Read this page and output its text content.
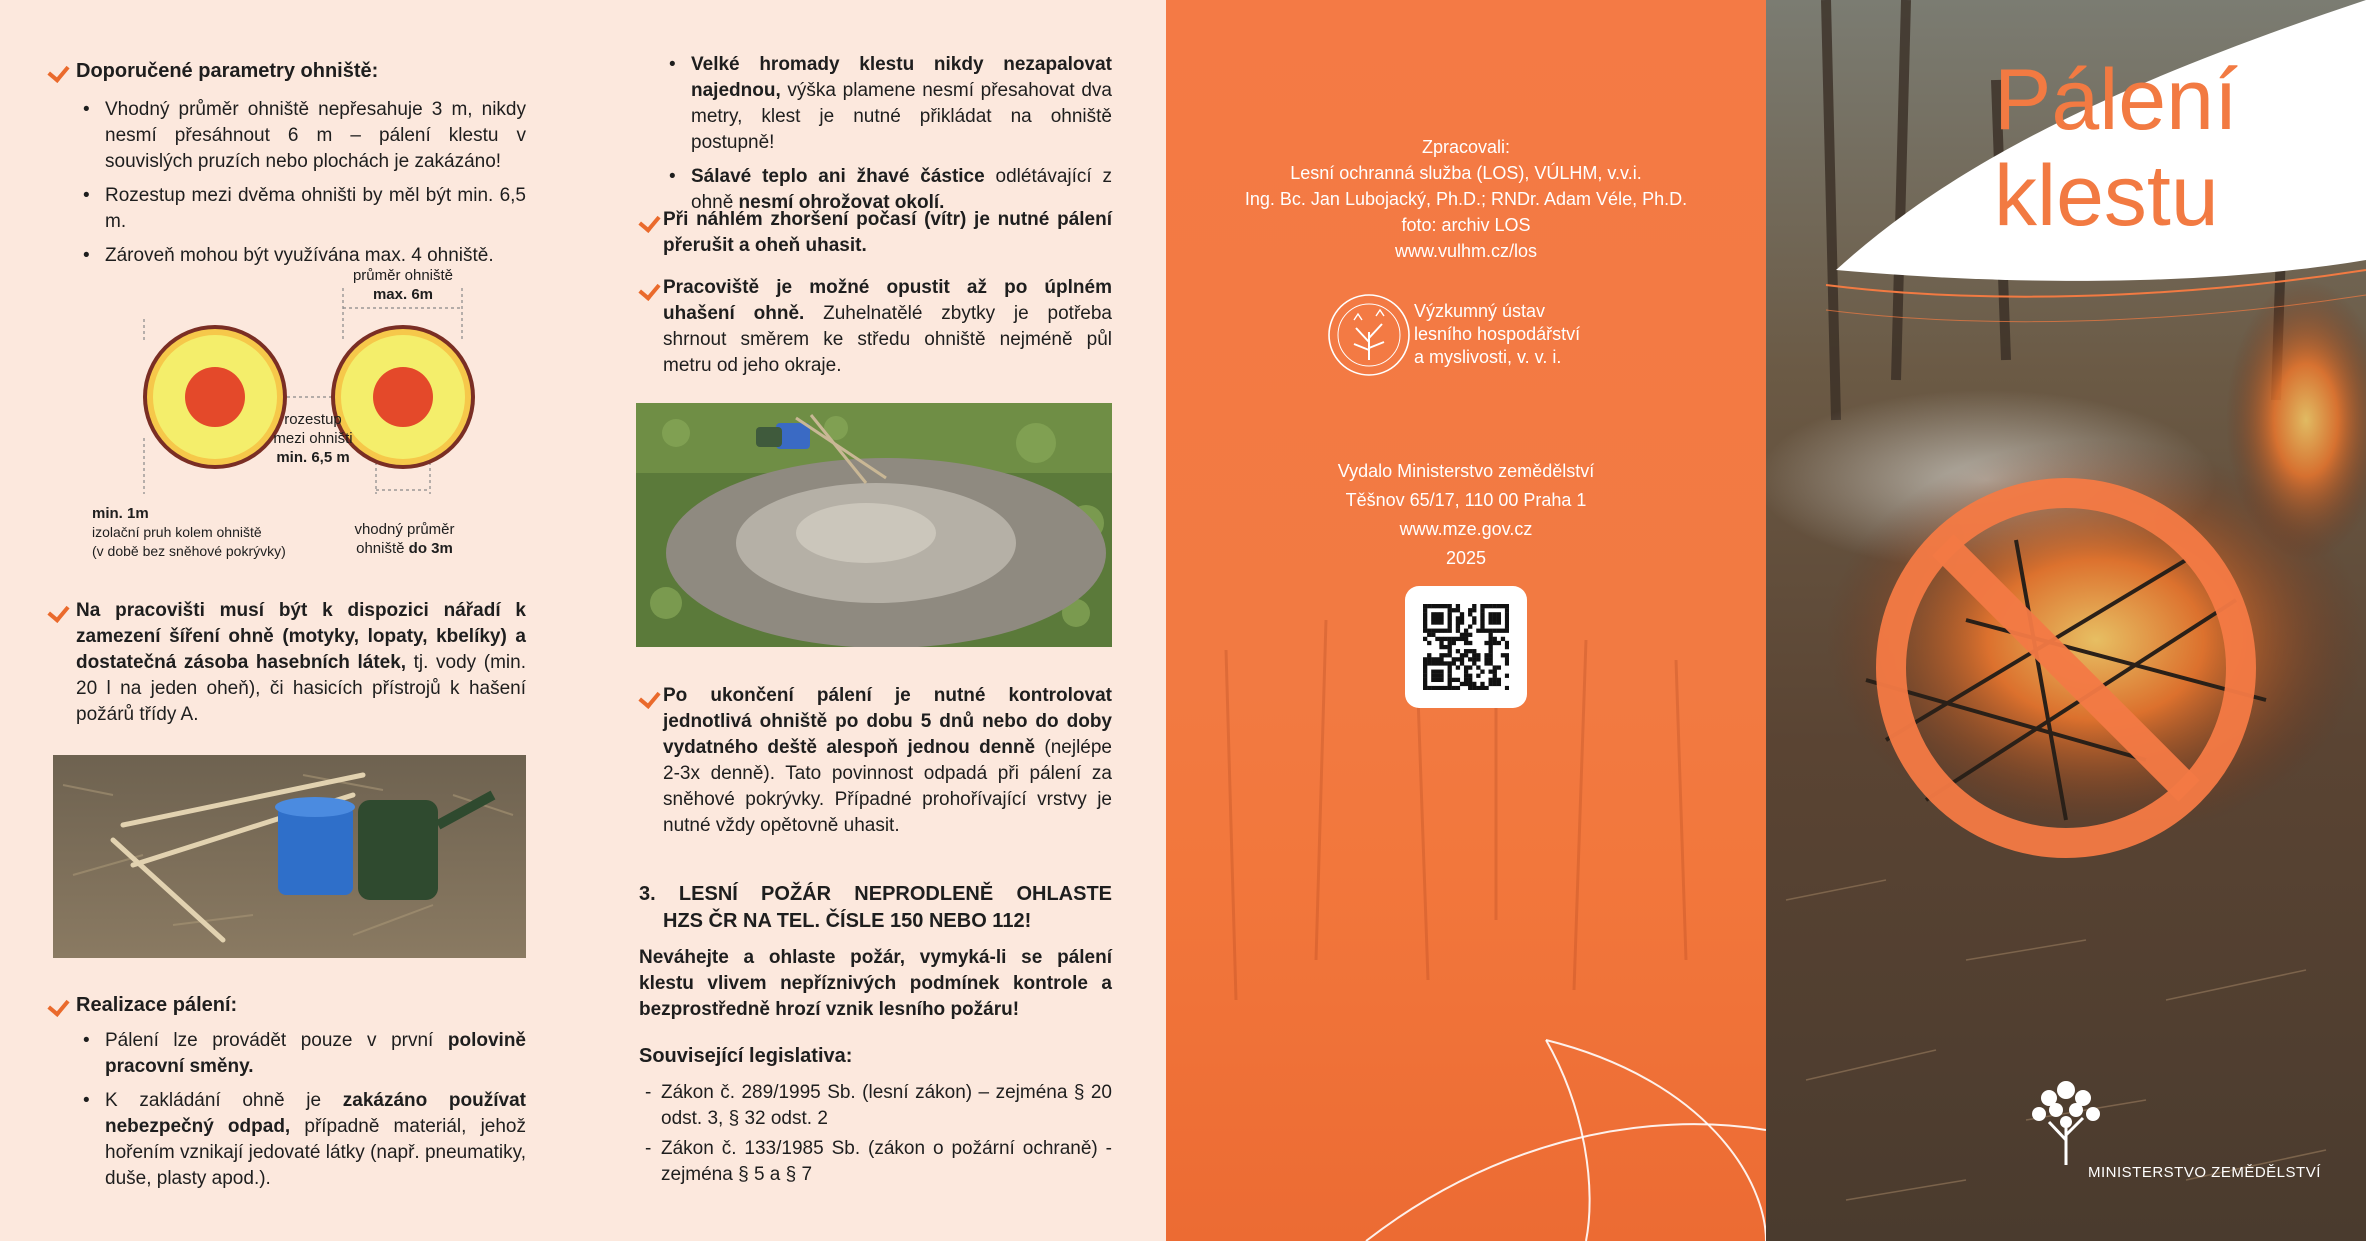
Doporučené parametry ohniště:
• Vhodný průměr ohniště nepřesahuje 3 m, nikdy nesmí přesáhnout 6 m – pálení klestu v souvislých pruzích nebo plochách je zakázáno!
• Rozestup mezi dvěma ohništi by měl být min. 6,5 m.
• Zároveň mohou být využívána max. 4 ohniště.
průměr ohniště
max. 6m
rozestup
mezi ohništi
min. 6,5 m
min. 1m
izolační pruh kolem ohniště
(v době bez sněhové pokrývky)
vhodný průměr
ohniště do 3m
Na pracovišti musí být k dispozici nářadí k zamezení šíření ohně (motyky, lopaty, kbelíky) a dostatečná zásoba hasebních látek, tj. vody (min. 20 l na jeden oheň), či hasicích přístrojů k hašení požárů třídy A.
Realizace pálení:
• Pálení lze provádět pouze v první polovině pracovní směny.
• K zakládání ohně je zakázáno používat nebezpečný odpad, případně materiál, jehož hořením vznikají jedovaté látky (např. pneumatiky, duše, plasty apod.).
• Velké hromady klestu nikdy nezapalovat najednou, výška plamene nesmí přesahovat dva metry, klest je nutné přikládat na ohniště postupně!
• Sálavé teplo ani žhavé částice odlétávající z ohně nesmí ohrožovat okolí.
Při náhlém zhoršení počasí (vítr) je nutné pálení přerušit a oheň uhasit.
Pracoviště je možné opustit až po úplném uhašení ohně. Zuhelnatělé zbytky je potřeba shrnout směrem ke středu ohniště nejméně půl metru od jeho okraje.
Po ukončení pálení je nutné kontrolovat jednotlivá ohniště po dobu 5 dnů nebo do doby vydatného deště alespoň jednou denně (nejlépe 2-3x denně). Tato povinnost odpadá při pálení za sněhové pokrývky. Případné prohořívající vrstvy je nutné vždy opětovně uhasit.
3. LESNÍ POŽÁR NEPRODLENĚ OHLASTE
HZS ČR NA TEL. ČÍSLE 150 NEBO 112!
Neváhejte a ohlaste požár, vymyká-li se pálení klestu vlivem nepříznivých podmínek kontrole a bezprostředně hrozí vznik lesního požáru!
Související legislativa:
- Zákon č. 289/1995 Sb. (lesní zákon) – zejména § 20 odst. 3, § 32 odst. 2
- Zákon č. 133/1985 Sb. (zákon o požární ochraně) - zejména § 5 a § 7
Zpracovali:
Lesní ochranná služba (LOS), VÚLHM, v.v.i.
Ing. Bc. Jan Lubojacký, Ph.D.; RNDr. Adam Véle, Ph.D.
foto: archiv LOS
www.vulhm.cz/los
Výzkumný ústav
lesního hospodářství
a myslivosti, v. v. i.
Vydalo Ministerstvo zemědělství
Těšnov 65/17, 110 00 Praha 1
www.mze.gov.cz
2025
Pálení
klestu
MINISTERSTVO ZEMĚDĚLSTVÍ
